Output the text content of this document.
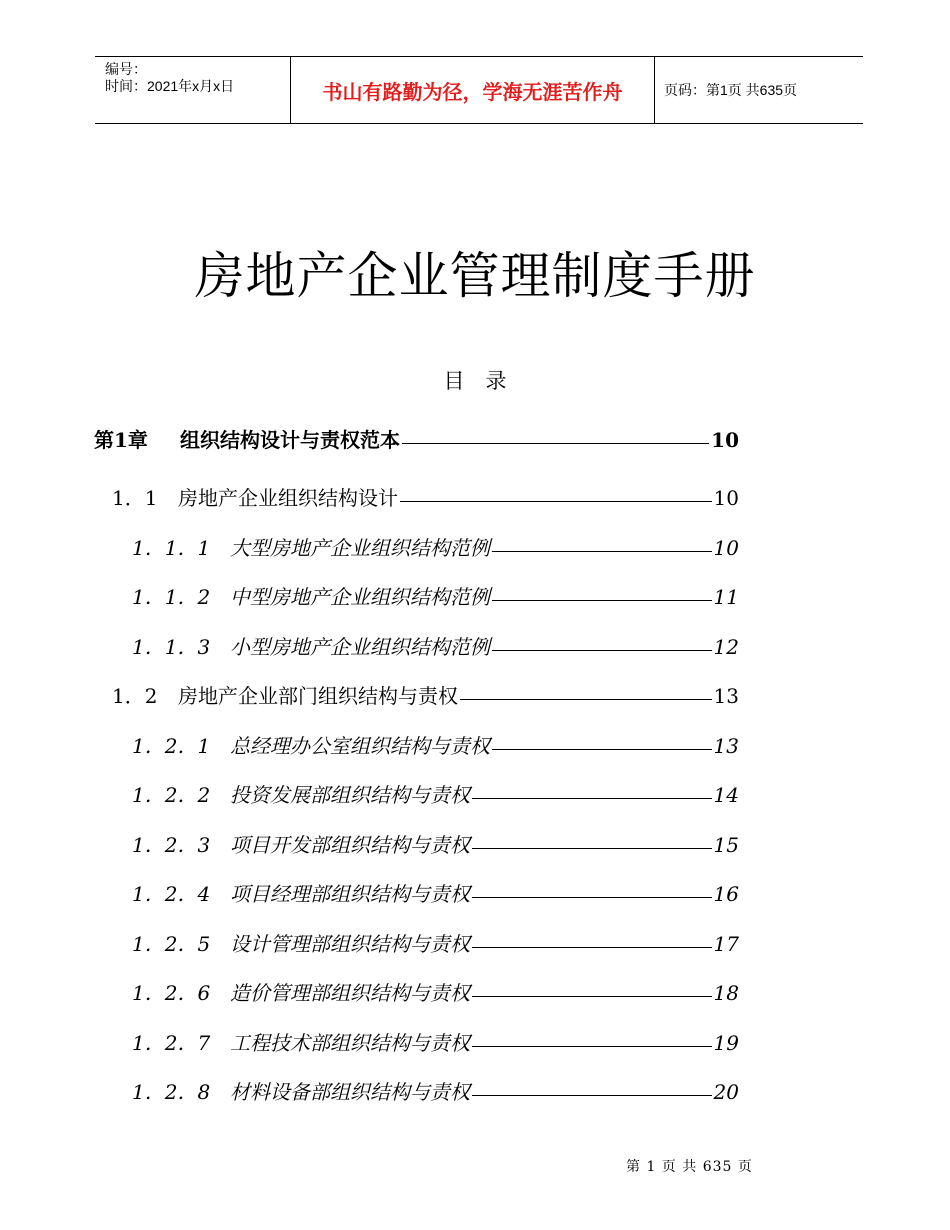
编号：
时间：2021年x月x日	书山有路勤为径，学海无涯苦作舟	页码：第1页 共635页
房地产企业管理制度手册
目　录
第1章	组织结构设计与责权范本	10
1．1	房地产企业组织结构设计	10
1．1．1 大型房地产企业组织结构范例	10
1．1．2 中型房地产企业组织结构范例	11
1．1．3 小型房地产企业组织结构范例	12
1．2	房地产企业部门组织结构与责权	13
1．2．1 总经理办公室组织结构与责权	13
1．2．2 投资发展部组织结构与责权	14
1．2．3 项目开发部组织结构与责权	15
1．2．4 项目经理部组织结构与责权	16
1．2．5 设计管理部组织结构与责权	17
1．2．6 造价管理部组织结构与责权	18
1．2．7 工程技术部组织结构与责权	19
1．2．8 材料设备部组织结构与责权	20
第 1 页 共 635 页
